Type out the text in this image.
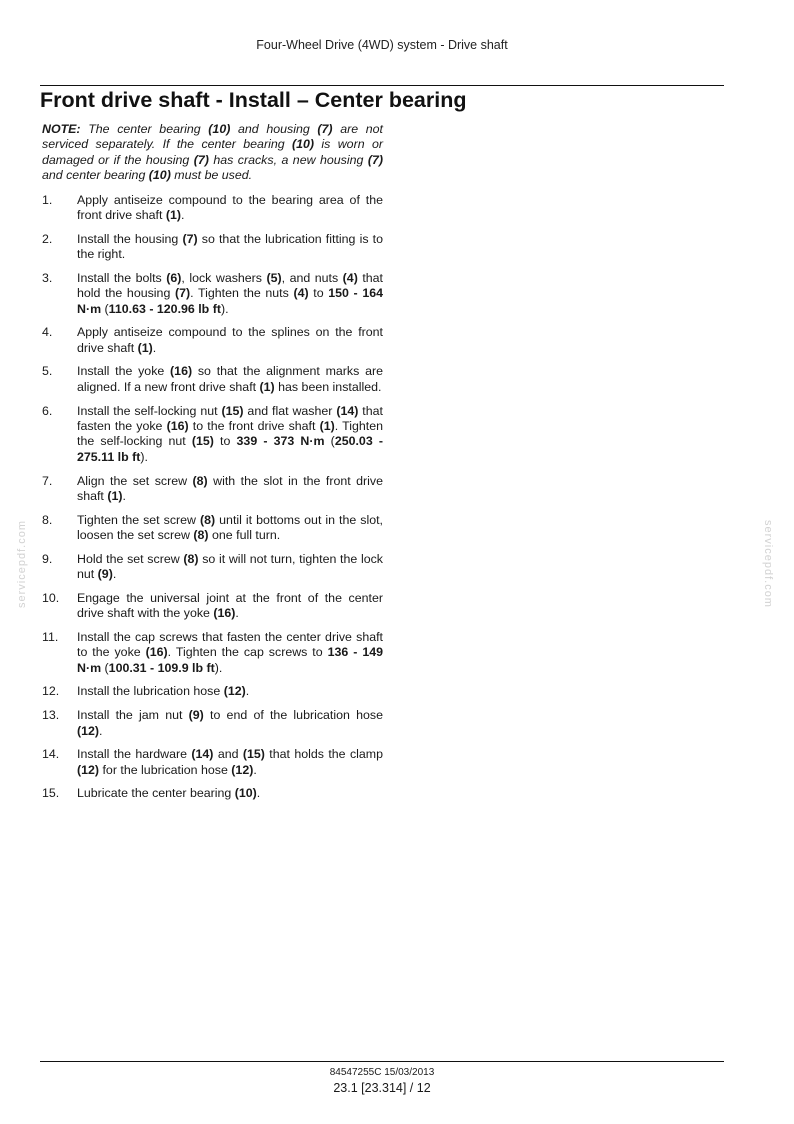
Four-Wheel Drive (4WD) system - Drive shaft
Front drive shaft - Install – Center bearing

NOTE: The center bearing (10) and housing (7) are not serviced separately. If the center bearing (10) is worn or damaged or if the housing (7) has cracks, a new housing (7) and center bearing (10) must be used.

1.	Apply antiseize compound to the bearing area of the front drive shaft (1).
2.	Install the housing (7) so that the lubrication fitting is to the right.
3.	Install the bolts (6), lock washers (5), and nuts (4) that hold the housing (7). Tighten the nuts (4) to 150 - 164 N·m (110.63 - 120.96 lb ft).
4.	Apply antiseize compound to the splines on the front drive shaft (1).
5.	Install the yoke (16) so that the alignment marks are aligned. If a new front drive shaft (1) has been installed.
6.	Install the self-locking nut (15) and flat washer (14) that fasten the yoke (16) to the front drive shaft (1). Tighten the self-locking nut (15) to 339 - 373 N·m (250.03 - 275.11 lb ft).
7.	Align the set screw (8) with the slot in the front drive shaft (1).
8.	Tighten the set screw (8) until it bottoms out in the slot, loosen the set screw (8) one full turn.
9.	Hold the set screw (8) so it will not turn, tighten the lock nut (9).
10.	Engage the universal joint at the front of the center drive shaft with the yoke (16).
11.	Install the cap screws that fasten the center drive shaft to the yoke (16). Tighten the cap screws to 136 - 149 N·m (100.31 - 109.9 lb ft).
12.	Install the lubrication hose (12).
13.	Install the jam nut (9) to end of the lubrication hose (12).
14.	Install the hardware (14) and (15) that holds the clamp (12) for the lubrication hose (12).
15.	Lubricate the center bearing (10).
servicepdf.com	servicepdf.com
84547255C 15/03/2013
23.1 [23.314] / 12
